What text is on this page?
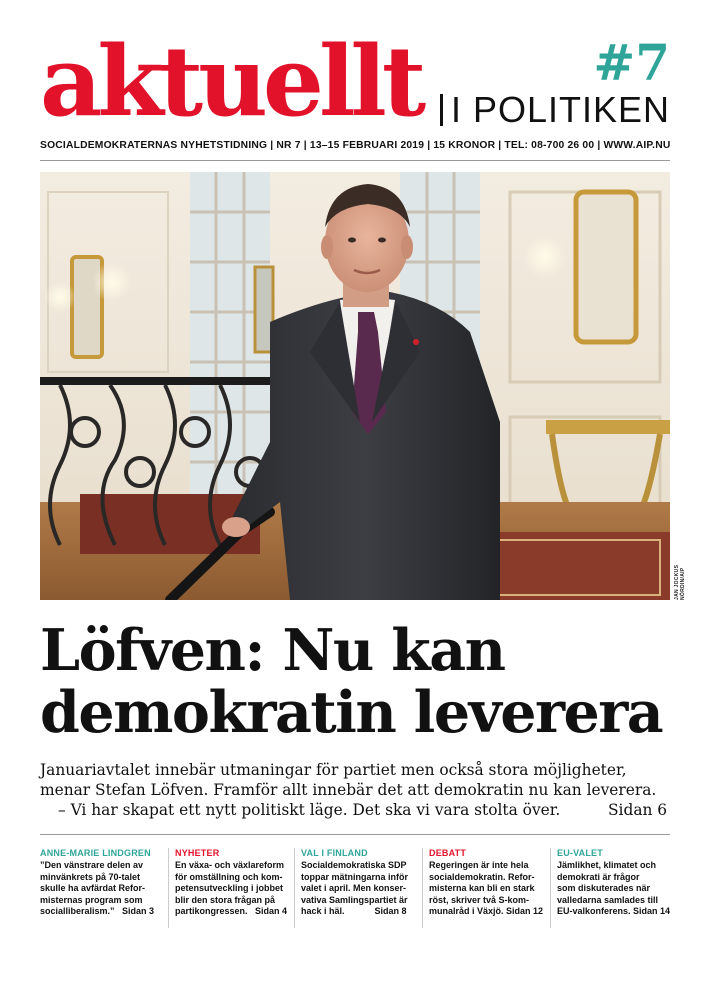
aktuellt	#7
I POLITIKEN
SOCIALDEMOKRATERNAS NYHETSTIDNING | NR 7 | 13–15 FEBRUARI 2019 | 15 KRONOR | TEL: 08-700 26 00 | WWW.AIP.NU
JAN JOCKUS NÖRDIN/AIP
Löfven: Nu kan
demokratin leverera
Januariavtalet innebär utmaningar för partiet men också stora möjligheter,
menar Stefan Löfven. Framför allt innebär det att demokratin nu kan leverera.
– Vi har skapat ett nytt politiskt läge. Det ska vi vara stolta över.	Sidan 6
ANNE-MARIE LINDGREN
”Den vänstrare delen av
minvänkrets på 70-talet
skulle ha avfärdat Refor-
misternas program som
socialliberalism.”   Sidan 3
NYHETER
En växa- och växlareform
för omställning och kom-
petensutveckling i jobbet
blir den stora frågan på
partikongressen.   Sidan 4
VAL I FINLAND
Socialdemokratiska SDP
toppar mätningarna inför
valet i april. Men konser-
vativa Samlingspartiet är
hack i häl.            Sidan 8
DEBATT
Regeringen är inte hela
socialdemokratin. Refor-
misterna kan bli en stark
röst, skriver två S-kom-
munalråd i Växjö. Sidan 12
EU-VALET
Jämlikhet, klimatet och
demokrati är frågor
som diskuterades när
valledarna samlades till
EU-valkonferens. Sidan 14
